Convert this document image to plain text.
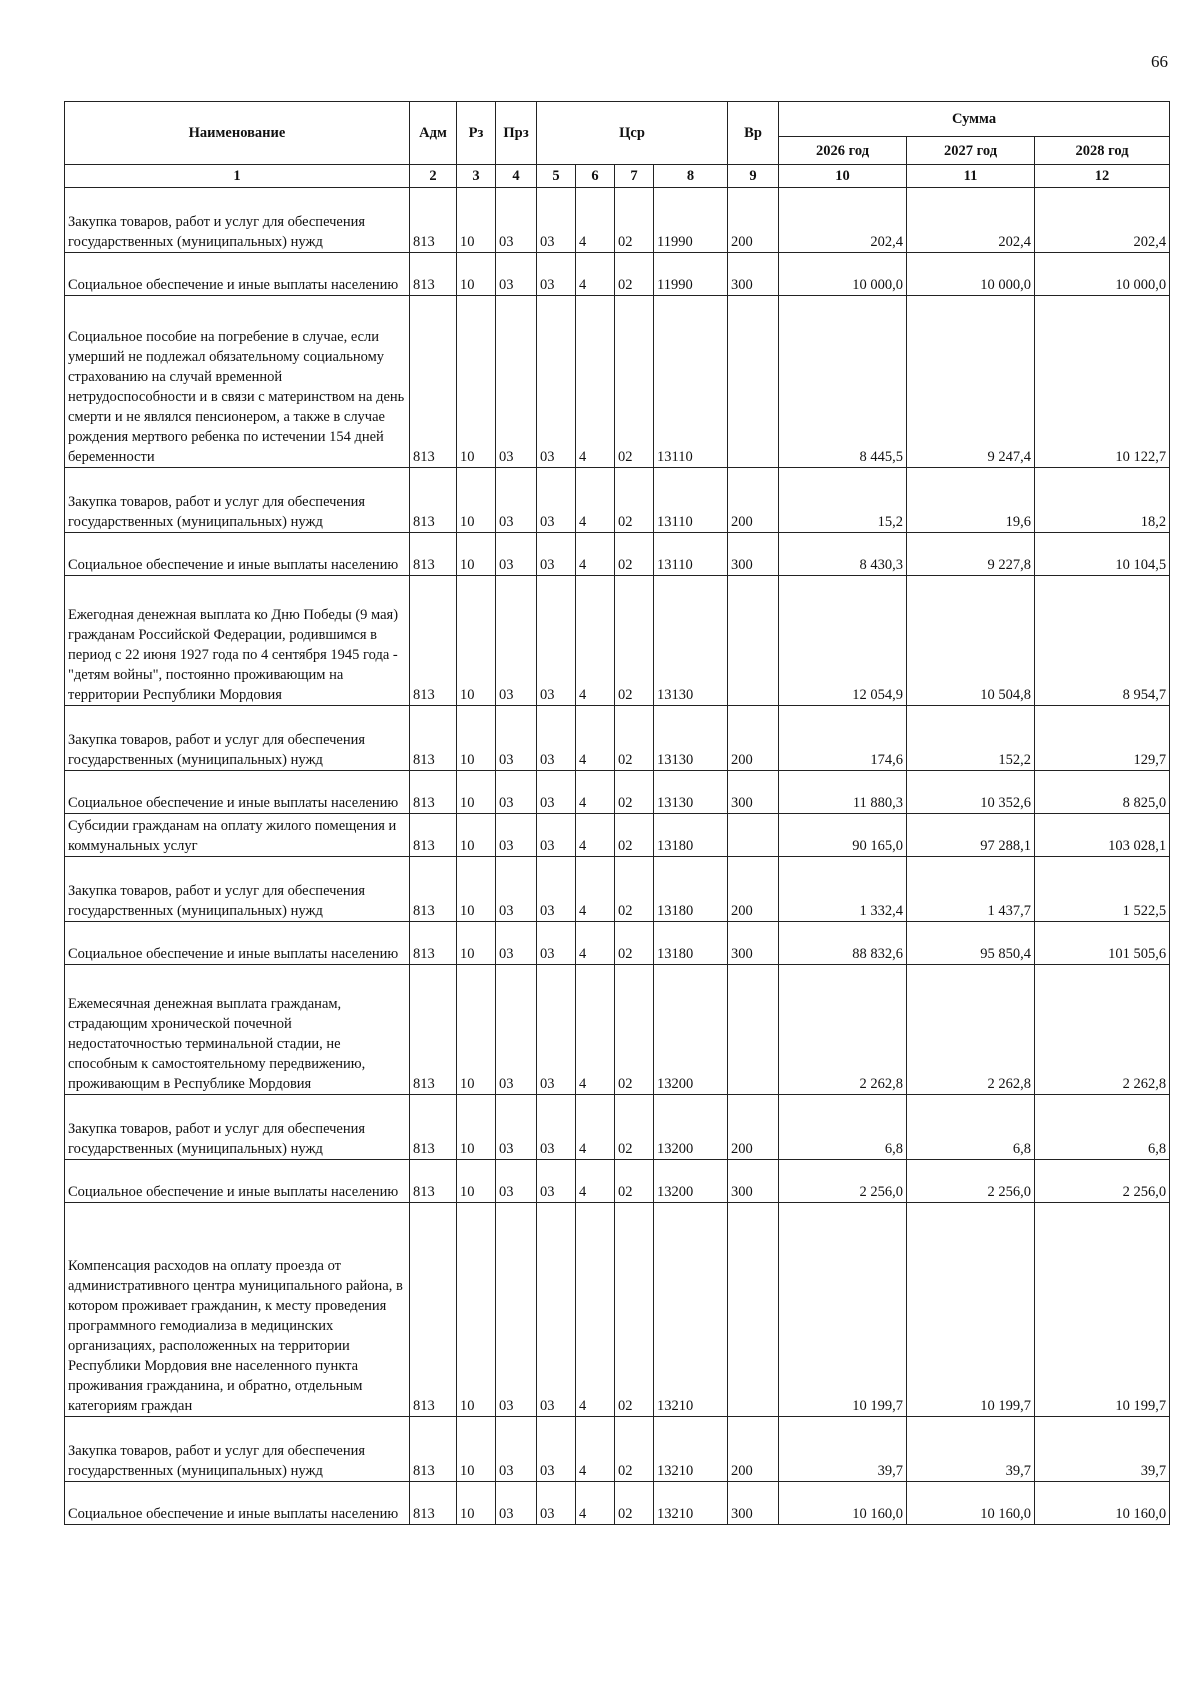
66
Наименование	Адм	Рз	Прз	Цср				Вр	Сумма		
									2026 год	2027 год	2028 год
1	2	3	4	5	6	7	8	9	10	11	12
Закупка товаров, работ и услуг для обеспечения государственных (муниципальных) нужд	813	10	03	03	4	02	11990	200	202,4	202,4	202,4
Социальное обеспечение и иные выплаты населению	813	10	03	03	4	02	11990	300	10 000,0	10 000,0	10 000,0
Социальное пособие на погребение в случае, если умерший не подлежал обязательному социальному страхованию на случай временной нетрудоспособности и в связи с материнством на день смерти и не являлся пенсионером, а также в случае рождения мертвого ребенка по истечении 154 дней беременности	813	10	03	03	4	02	13110		8 445,5	9 247,4	10 122,7
Закупка товаров, работ и услуг для обеспечения государственных (муниципальных) нужд	813	10	03	03	4	02	13110	200	15,2	19,6	18,2
Социальное обеспечение и иные выплаты населению	813	10	03	03	4	02	13110	300	8 430,3	9 227,8	10 104,5
Ежегодная денежная выплата ко Дню Победы (9 мая) гражданам Российской Федерации, родившимся в период с 22 июня 1927 года по 4 сентября 1945 года - "детям войны", постоянно проживающим на территории Республики Мордовия	813	10	03	03	4	02	13130		12 054,9	10 504,8	8 954,7
Закупка товаров, работ и услуг для обеспечения государственных (муниципальных) нужд	813	10	03	03	4	02	13130	200	174,6	152,2	129,7
Социальное обеспечение и иные выплаты населению	813	10	03	03	4	02	13130	300	11 880,3	10 352,6	8 825,0
Субсидии гражданам на оплату жилого помещения и коммунальных услуг	813	10	03	03	4	02	13180		90 165,0	97 288,1	103 028,1
Закупка товаров, работ и услуг для обеспечения государственных (муниципальных) нужд	813	10	03	03	4	02	13180	200	1 332,4	1 437,7	1 522,5
Социальное обеспечение и иные выплаты населению	813	10	03	03	4	02	13180	300	88 832,6	95 850,4	101 505,6
Ежемесячная денежная выплата гражданам, страдающим хронической почечной недостаточностью терминальной стадии, не способным к самостоятельному передвижению, проживающим в Республике Мордовия	813	10	03	03	4	02	13200		2 262,8	2 262,8	2 262,8
Закупка товаров, работ и услуг для обеспечения государственных (муниципальных) нужд	813	10	03	03	4	02	13200	200	6,8	6,8	6,8
Социальное обеспечение и иные выплаты населению	813	10	03	03	4	02	13200	300	2 256,0	2 256,0	2 256,0
Компенсация расходов на оплату проезда от административного центра муниципального района, в котором проживает гражданин, к месту проведения программного гемодиализа в медицинских организациях, расположенных на территории Республики Мордовия вне населенного пункта проживания гражданина, и обратно, отдельным категориям граждан	813	10	03	03	4	02	13210		10 199,7	10 199,7	10 199,7
Закупка товаров, работ и услуг для обеспечения государственных (муниципальных) нужд	813	10	03	03	4	02	13210	200	39,7	39,7	39,7
Социальное обеспечение и иные выплаты населению	813	10	03	03	4	02	13210	300	10 160,0	10 160,0	10 160,0
